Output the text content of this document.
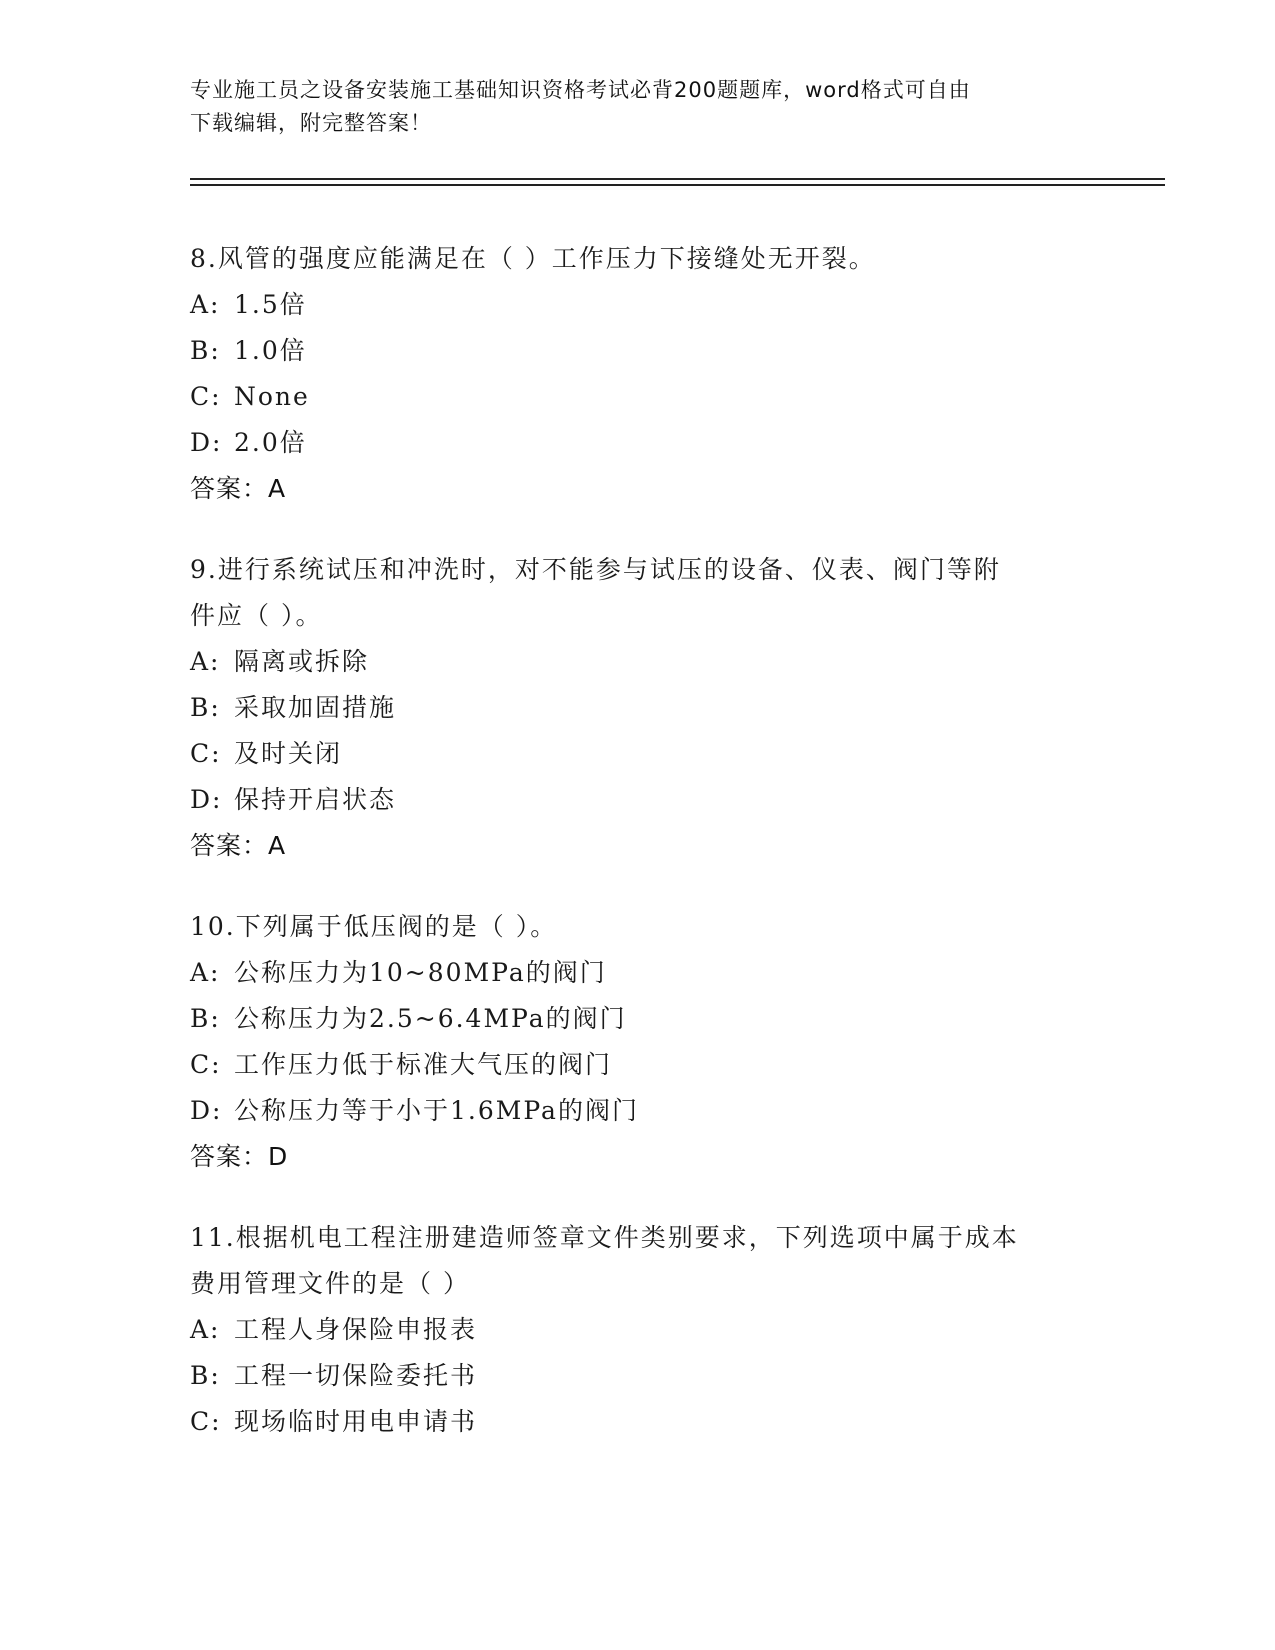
专业施工员之设备安装施工基础知识资格考试必背200题题库，word格式可自由
下载编辑，附完整答案！
8.风管的强度应能满足在（ ）工作压力下接缝处无开裂。
A: 1.5倍
B: 1.0倍
C: None
D: 2.0倍
答案：A
9.进行系统试压和冲洗时，对不能参与试压的设备、仪表、阀门等附
件应（ ）。
A: 隔离或拆除
B: 采取加固措施
C: 及时关闭
D: 保持开启状态
答案：A
10.下列属于低压阀的是（ ）。
A: 公称压力为10~80MPa的阀门
B: 公称压力为2.5~6.4MPa的阀门
C: 工作压力低于标准大气压的阀门
D: 公称压力等于小于1.6MPa的阀门
答案：D
11.根据机电工程注册建造师签章文件类别要求，下列选项中属于成本
费用管理文件的是（ ）
A: 工程人身保险申报表
B: 工程一切保险委托书
C: 现场临时用电申请书
